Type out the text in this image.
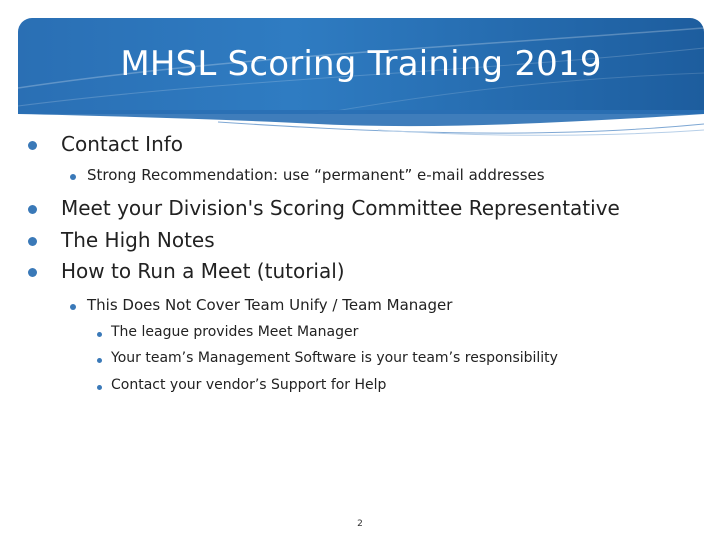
MHSL Scoring Training 2019
Contact Info
Strong Recommendation: use “permanent” e-mail addresses
Meet your Division's Scoring Committee Representative
The High Notes
How to Run a Meet (tutorial)
This Does Not Cover Team Unify / Team Manager
The league provides Meet Manager
Your team’s Management Software is your team’s responsibility
Contact your vendor’s Support for Help
2
